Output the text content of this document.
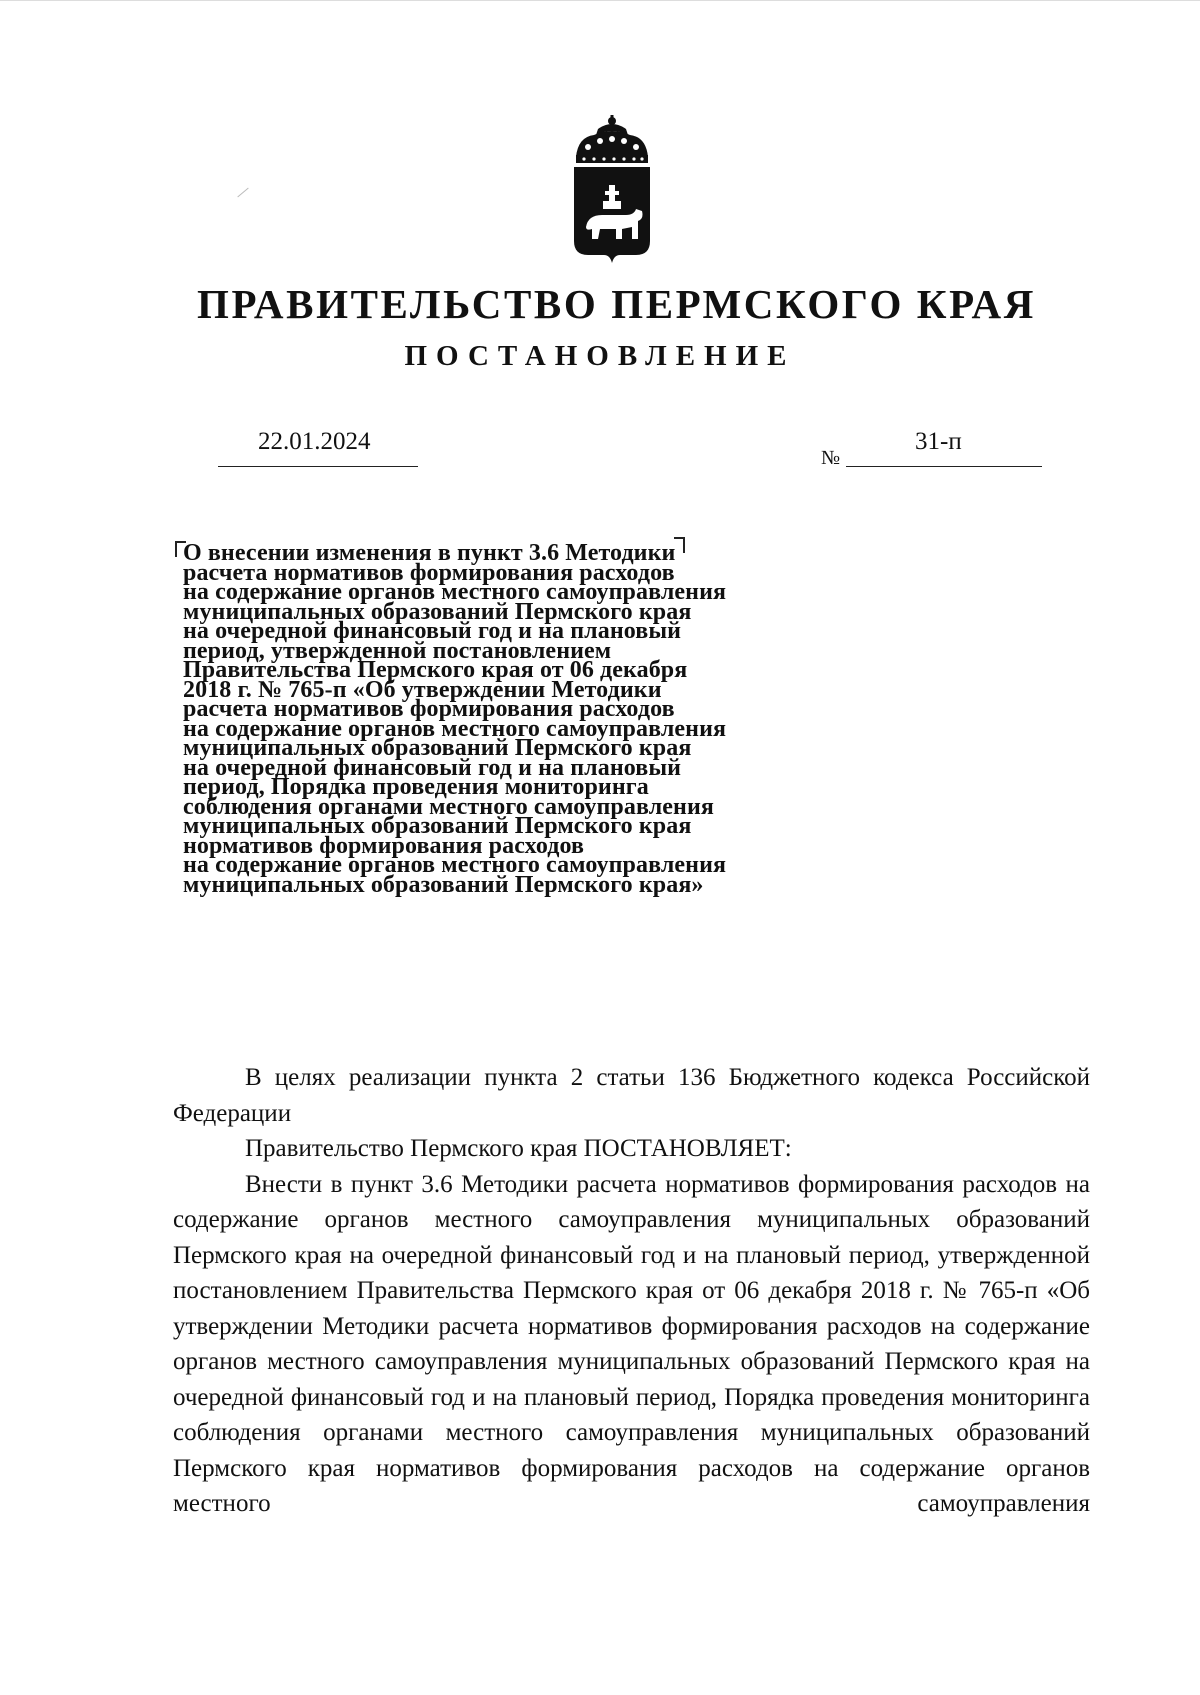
ПРАВИТЕЛЬСТВО ПЕРМСКОГО КРАЯ
ПОСТАНОВЛЕНИЕ
22.01.2024
№
31-п
О внесении изменения в пункт 3.6 Методики
расчета нормативов формирования расходов
на содержание органов местного самоуправления
муниципальных образований Пермского края
на очередной финансовый год и на плановый
период, утвержденной постановлением
Правительства Пермского края от 06 декабря
2018 г. № 765-п «Об утверждении Методики
расчета нормативов формирования расходов
на содержание органов местного самоуправления
муниципальных образований Пермского края
на очередной финансовый год и на плановый
период, Порядка проведения мониторинга
соблюдения органами местного самоуправления
муниципальных образований Пермского края
нормативов формирования расходов
на содержание органов местного самоуправления
муниципальных образований Пермского края»

В целях реализации пункта 2 статьи 136 Бюджетного кодекса Российской Федерации

Правительство Пермского края ПОСТАНОВЛЯЕТ:

Внести в пункт 3.6 Методики расчета нормативов формирования расходов на содержание органов местного самоуправления муниципальных образований Пермского края на очередной финансовый год и на плановый период, утвержденной постановлением Правительства Пермского края от 06 декабря 2018 г. № 765-п «Об утверждении Методики расчета нормативов формирования расходов на содержание органов местного самоуправления муниципальных образований Пермского края на очередной финансовый год и на плановый период, Порядка проведения мониторинга соблюдения органами местного самоуправления муниципальных образований Пермского края нормативов формирования расходов на содержание органов местного самоуправления
